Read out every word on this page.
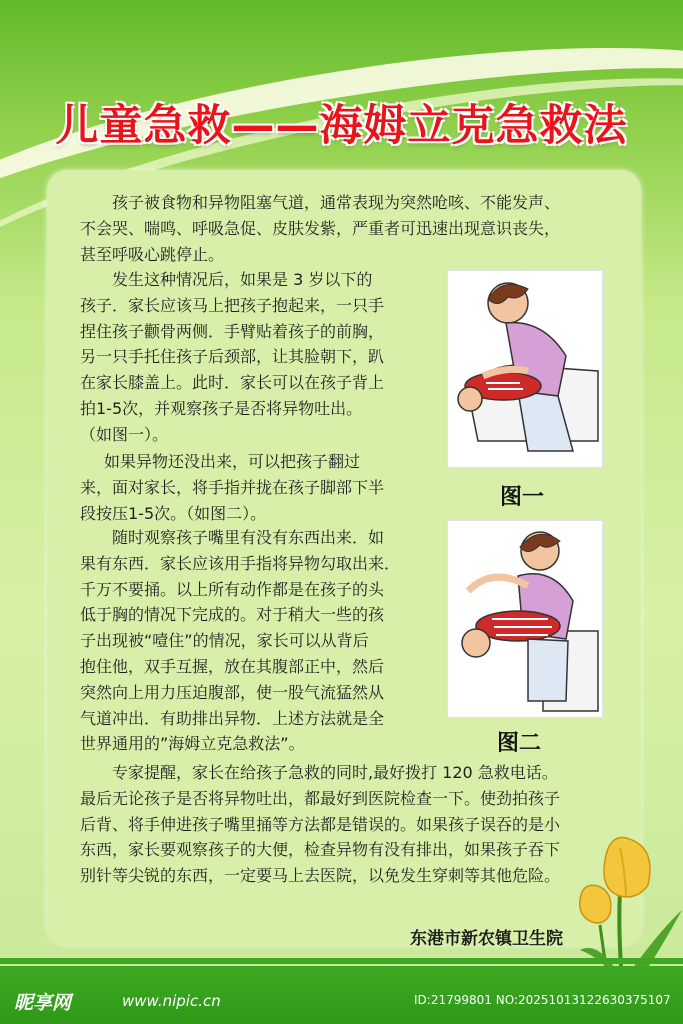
儿童急救——海姆立克急救法

孩子被食物和异物阻塞气道，通常表现为突然呛咳、不能发声、
不会哭、喘鸣、呼吸急促、皮肤发紫，严重者可迅速出现意识丧失，
甚至呼吸心跳停止。

发生这种情况后，如果是 3 岁以下的
孩子．家长应该马上把孩子抱起来，一只手
捏住孩子颧骨两侧．手臂贴着孩子的前胸，
另一只手托住孩子后颈部，让其脸朝下，趴
在家长膝盖上。此时．家长可以在孩子背上
拍1-5次，并观察孩子是否将异物吐出。
（如图一）。

如果异物还没出来，可以把孩子翻过
来，面对家长，将手指并拢在孩子脚部下半
段按压1-5次。（如图二）。

随时观察孩子嘴里有没有东西出来．如
果有东西．家长应该用手指将异物勾取出来．
千万不要捅。以上所有动作都是在孩子的头
低于胸的情况下完成的。对于稍大一些的孩
子出现被“噎住”的情况，家长可以从背后
抱住他，双手互握，放在其腹部正中，然后
突然向上用力压迫腹部，使一股气流猛然从
气道冲出．有助排出异物．上述方法就是全
世界通用的”海姆立克急救法”。

专家提醒，家长在给孩子急救的同时,最好拨打 120 急救电话。
最后无论孩子是否将异物吐出，都最好到医院检查一下。使劲拍孩子
后背、将手伸进孩子嘴里捅等方法都是错误的。如果孩子误吞的是小
东西，家长要观察孩子的大便，检查异物有没有排出，如果孩子吞下
别针等尖锐的东西，一定要马上去医院，以免发生穿刺等其他危险。

图一
图二
东港市新农镇卫生院
昵享网	www.nipic.cn	ID:21799801 NO:20251013122630375107
